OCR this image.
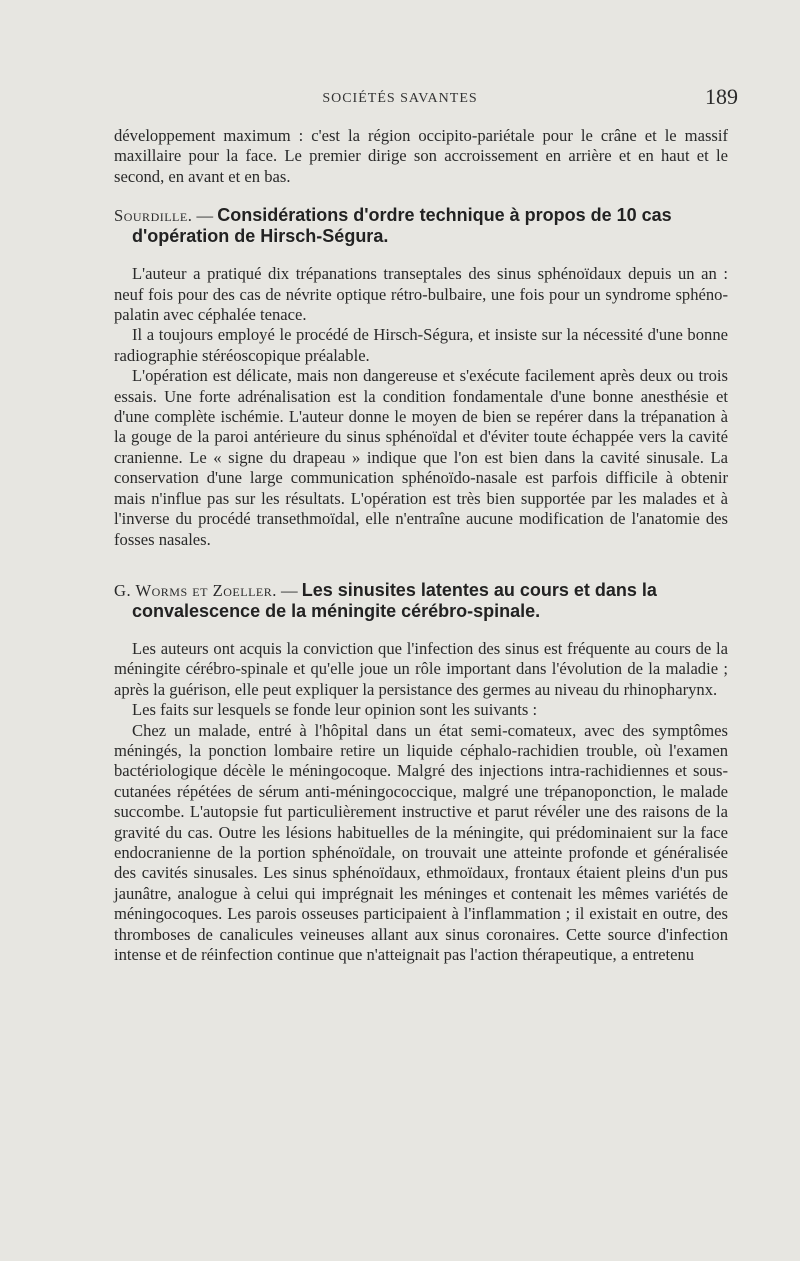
SOCIÉTÉS SAVANTES	189

développement maximum : c'est la région occipito-pariétale pour le crâne et le massif maxillaire pour la face. Le premier dirige son accroissement en arrière et en haut et le second, en avant et en bas.

Sourdille. — Considérations d'ordre technique à propos de 10 cas d'opération de Hirsch-Ségura.

L'auteur a pratiqué dix trépanations transeptales des sinus sphénoïdaux depuis un an : neuf fois pour des cas de névrite optique rétro-bulbaire, une fois pour un syndrome sphéno-palatin avec céphalée tenace.

Il a toujours employé le procédé de Hirsch-Ségura, et insiste sur la nécessité d'une bonne radiographie stéréoscopique préalable.

L'opération est délicate, mais non dangereuse et s'exécute facilement après deux ou trois essais. Une forte adrénalisation est la condition fondamentale d'une bonne anesthésie et d'une complète ischémie. L'auteur donne le moyen de bien se repérer dans la trépanation à la gouge de la paroi antérieure du sinus sphénoïdal et d'éviter toute échappée vers la cavité cranienne. Le « signe du drapeau » indique que l'on est bien dans la cavité sinusale. La conservation d'une large communication sphénoïdo-nasale est parfois difficile à obtenir mais n'influe pas sur les résultats. L'opération est très bien supportée par les malades et à l'inverse du procédé transethmoïdal, elle n'entraîne aucune modification de l'anatomie des fosses nasales.

G. Worms et Zoeller. — Les sinusites latentes au cours et dans la convalescence de la méningite cérébro-spinale.

Les auteurs ont acquis la conviction que l'infection des sinus est fréquente au cours de la méningite cérébro-spinale et qu'elle joue un rôle important dans l'évolution de la maladie ; après la guérison, elle peut expliquer la persistance des germes au niveau du rhinopharynx.

Les faits sur lesquels se fonde leur opinion sont les suivants :

Chez un malade, entré à l'hôpital dans un état semi-comateux, avec des symptômes méningés, la ponction lombaire retire un liquide céphalo-rachidien trouble, où l'examen bactériologique décèle le méningocoque. Malgré des injections intra-rachidiennes et sous-cutanées répétées de sérum anti-méningococcique, malgré une trépanoponction, le malade succombe. L'autopsie fut particulièrement instructive et parut révéler une des raisons de la gravité du cas. Outre les lésions habituelles de la méningite, qui prédominaient sur la face endocranienne de la portion sphénoïdale, on trouvait une atteinte profonde et généralisée des cavités sinusales. Les sinus sphénoïdaux, ethmoïdaux, frontaux étaient pleins d'un pus jaunâtre, analogue à celui qui imprégnait les méninges et contenait les mêmes variétés de méningocoques. Les parois osseuses participaient à l'inflammation ; il existait en outre, des thromboses de canalicules veineuses allant aux sinus coronaires. Cette source d'infection intense et de réinfection continue que n'atteignait pas l'action thérapeutique, a entretenu
